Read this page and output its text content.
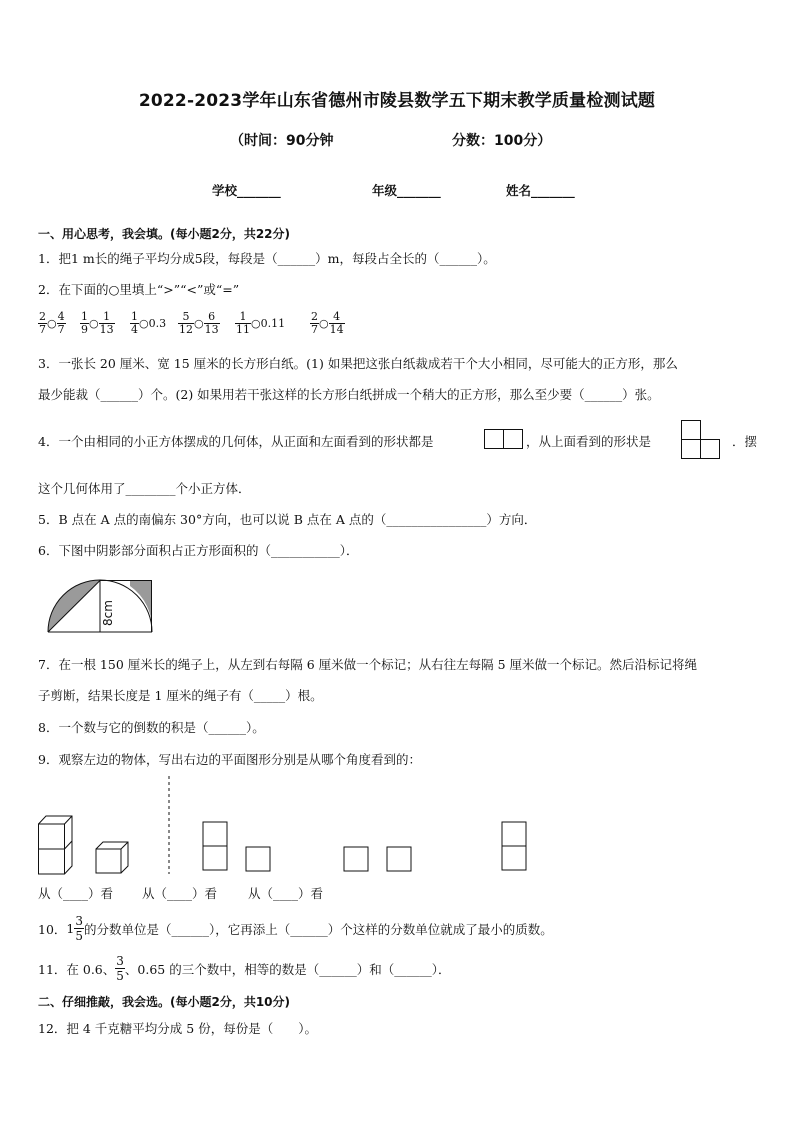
2022-2023学年山东省德州市陵县数学五下期末教学质量检测试题
（时间：90分钟	分数：100分）
学校_______	年级_______	姓名_______
一、用心思考，我会填。(每小题2分，共22分)
1．把1 m长的绳子平均分成5段，每段是（______）m，每段占全长的（______）。
2．在下面的○里填上“>”“<”或“=”
$\frac{2}{7}$ ○ $\frac{4}{7} \frac{1}{9}$ ○ $\frac{1}{13} \frac{1}{4}$ ○0.3 $\frac{5}{12}$ ○ $\frac{6}{13} \frac{1}{11}$ ○0.11 $\frac{2}{7}$ ○ $\frac{4}{14}$
3．一张长 20 厘米、宽 15 厘米的长方形白纸。(1) 如果把这张白纸裁成若干个大小相同，尽可能大的正方形，那么
最少能裁（______）个。(2) 如果用若干张这样的长方形白纸拼成一个稍大的正方形，那么至少要（______）张。
4．一个由相同的小正方体摆成的几何体，从正面和左面看到的形状都是	，从上面看到的形状是	．摆
这个几何体用了________个小正方体．
5．B 点在 A 点的南偏东 30°方向，也可以说 B 点在 A 点的（________________）方向．
6．下图中阴影部分面积占正方形面积的（___________）．
8cm
7．在一根 150 厘米长的绳子上，从左到右每隔 6 厘米做一个标记；从右往左每隔 5 厘米做一个标记。然后沿标记将绳
子剪断，结果长度是 1 厘米的绳子有（_____）根。
8．一个数与它的倒数的积是（______）。
9．观察左边的物体，写出右边的平面图形分别是从哪个角度看到的：
从（____）看 从（____）看 从（____）看
10． $1 \frac{3}{5}$ 的分数单位是（______），它再添上（______）个这样的分数单位就成了最小的质数。
11．在 0.6、 $\frac{3}{5}$ 、0.65 的三个数中，相等的数是（______）和（______）．
二、仔细推敲，我会选。(每小题2分，共10分)
12．把 4 千克糖平均分成 5 份，每份是（　　）。
